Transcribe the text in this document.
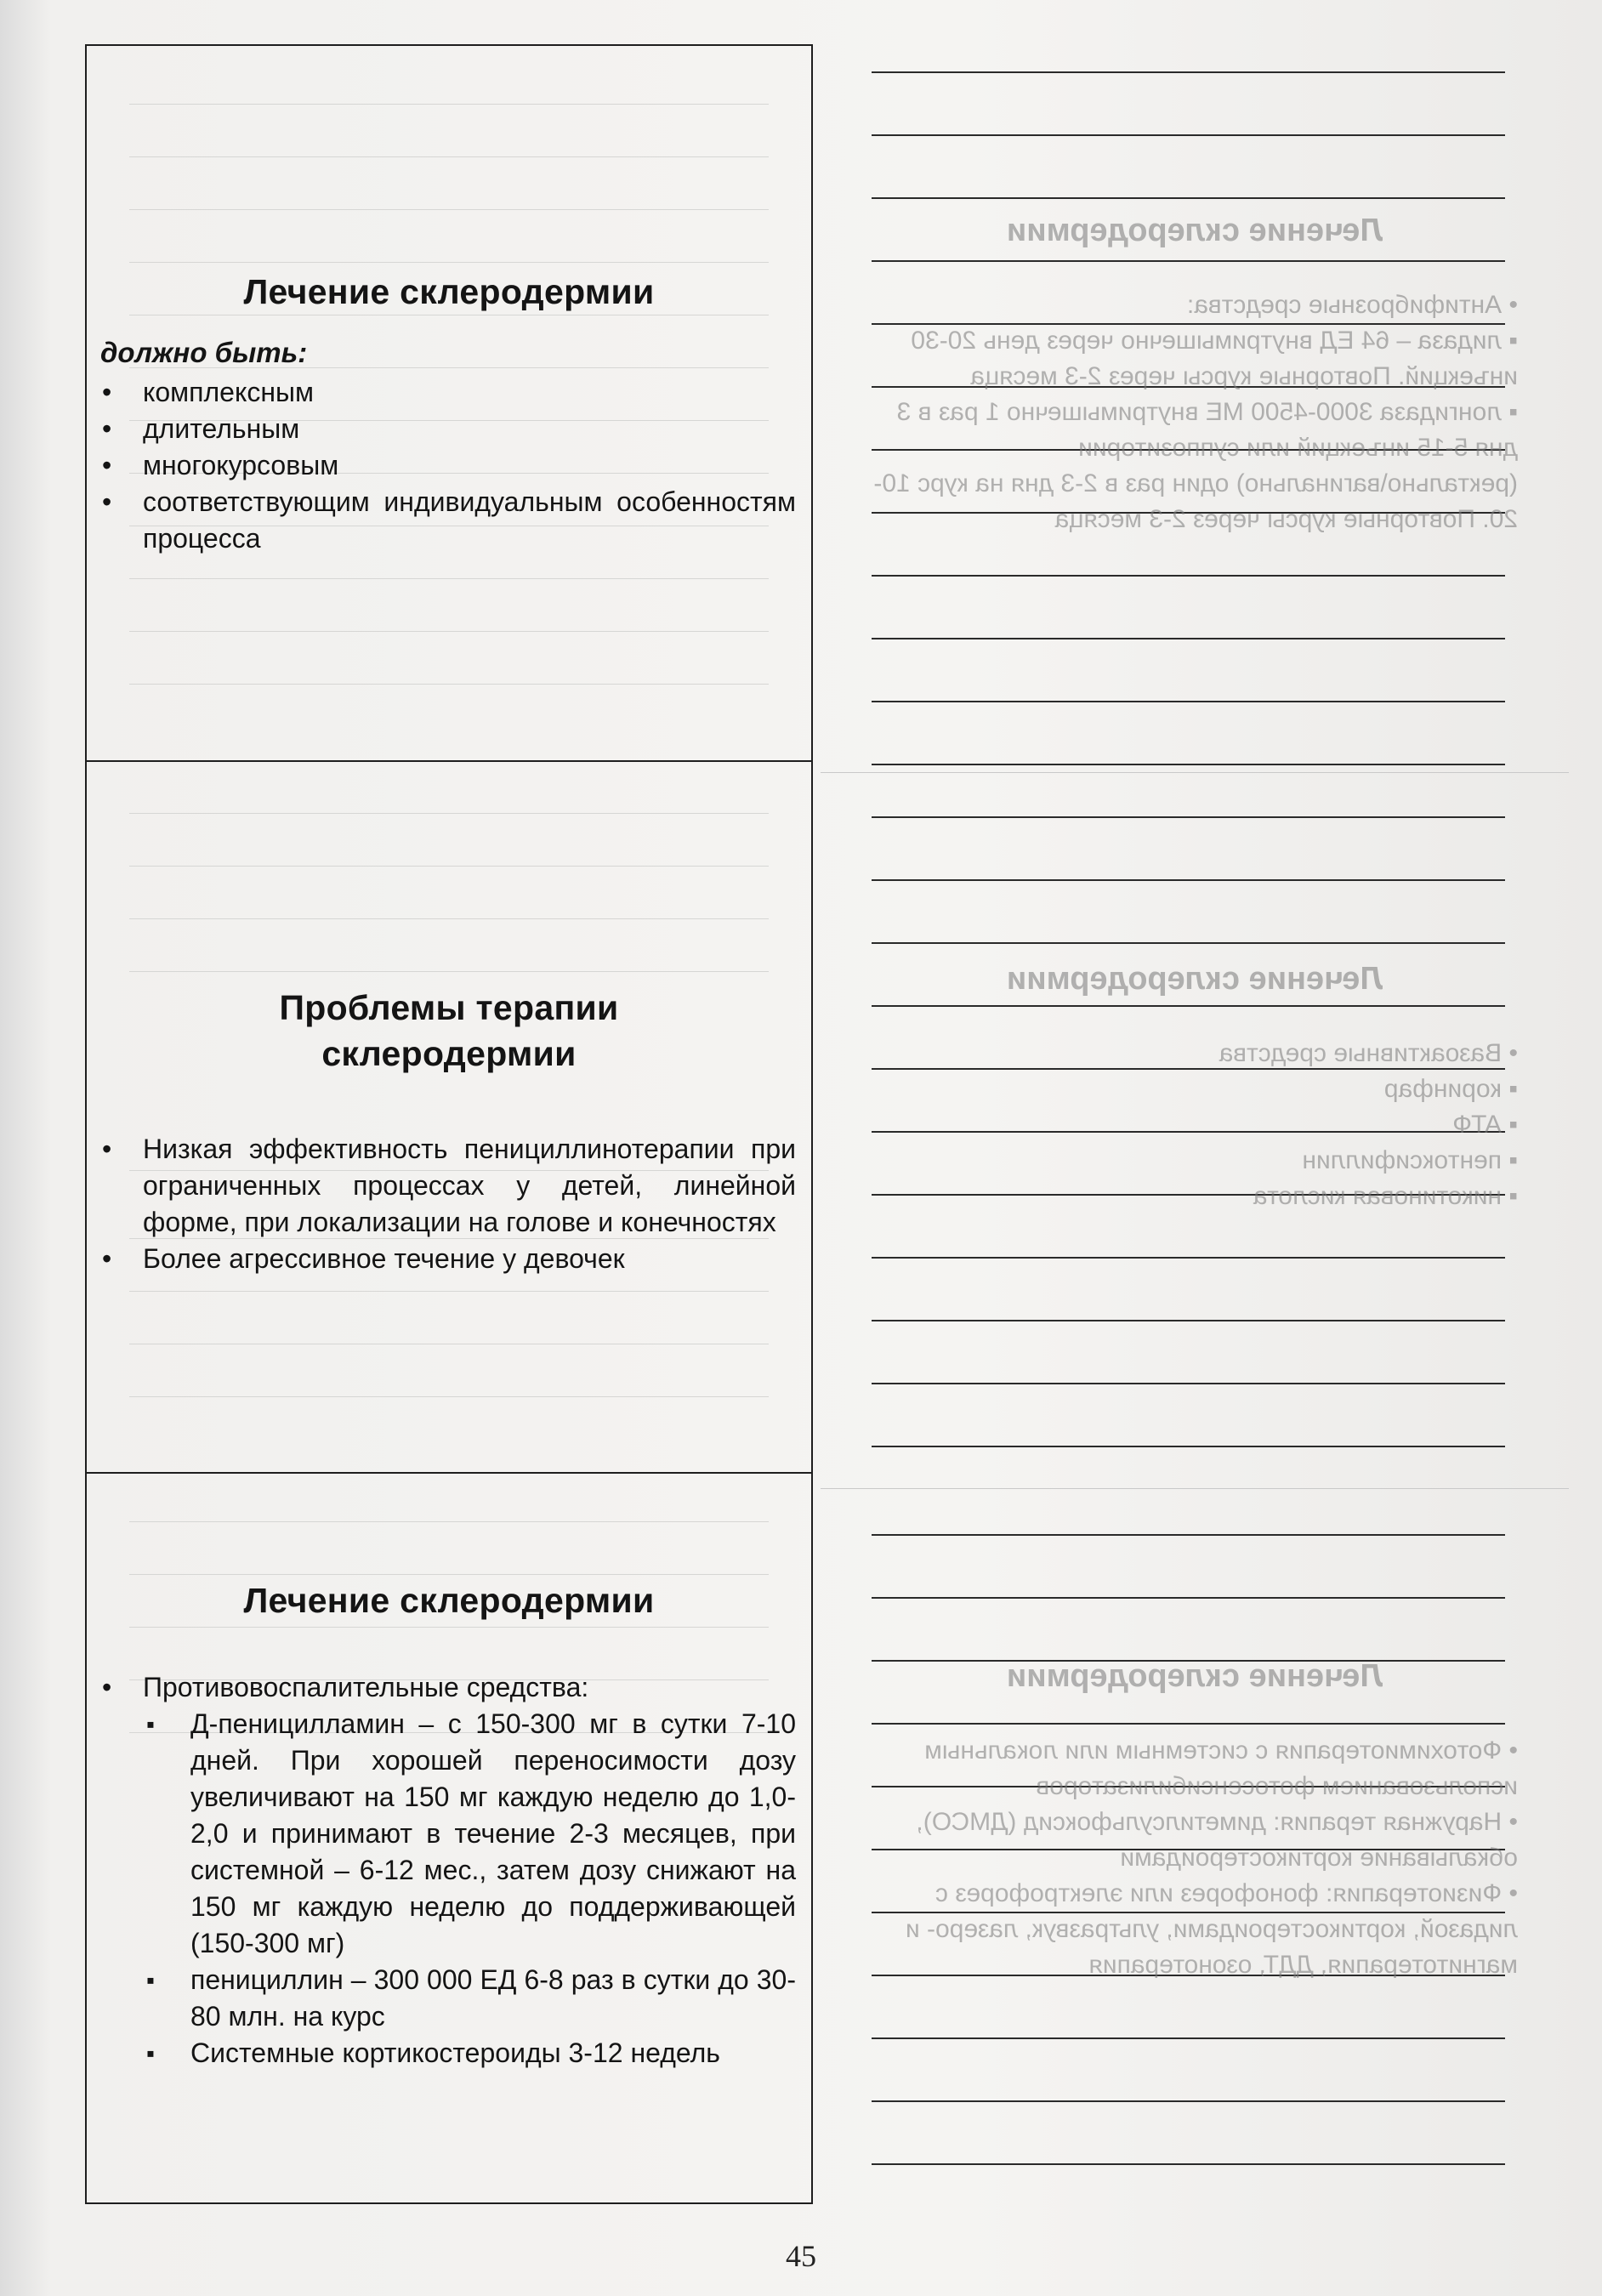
Лечение склеродермии
должно быть:
• комплексным
• длительным
• многокурсовым
• соответствующим индивидуальным особенностям процесса
Проблемы терапии
склеродермии
• Низкая эффективность пенициллинотерапии при ограниченных процессах у детей, линейной форме, при локализации на голове и конечностях
• Более агрессивное течение у девочек
Лечение склеродермии
• Противовоспалительные средства:
▪ Д-пеницилламин – с 150-300 мг в сутки 7-10 дней. При хорошей переносимости дозу увеличивают на 150 мг каждую неделю до 1,0-2,0 и принимают в течение 2-3 месяцев, при системной – 6-12 мес., затем дозу снижают на 150 мг каждую неделю до поддерживающей (150-300 мг)
▪ пенициллин – 300 000 ЕД 6-8 раз в сутки до 30-80 млн. на курс
▪ Системные кортикостероиды 3-12 недель
Лечение склеродермии
• Антифиброзные средства:
▪ лидаза – 64 ЕД внутримышечно через день 20-30 инъекций. Повторные курсы через 2-3 месяца
▪ лонгидаза 3000-4500 МЕ внутримышечно 1 раз в 3 дня 5-15 инъекций или суппозитории (ректально\вагинально) один раз в 2-3 дня на курс 10-20. Повторные курсы через 2-3 месяца
Лечение склеродермии
• Вазоактивные средства
▪ коринфар
▪ АТФ
▪ пентоксифиллин
▪ никотиновая кислота
Лечение склеродермии
• Фотохимиотерапия с системным или локальным использованием фотосенсибилизаторов
• Наружная терапия: диметилсульфоксид (ДМСО), обкалывание кортикостероидами
• Физиотерапия: фонофорез или электрофорез с лидазой, кортикостероидами, ультразвук, лазеро- и магнитотерапия, ДДТ, озонотерапия
45
